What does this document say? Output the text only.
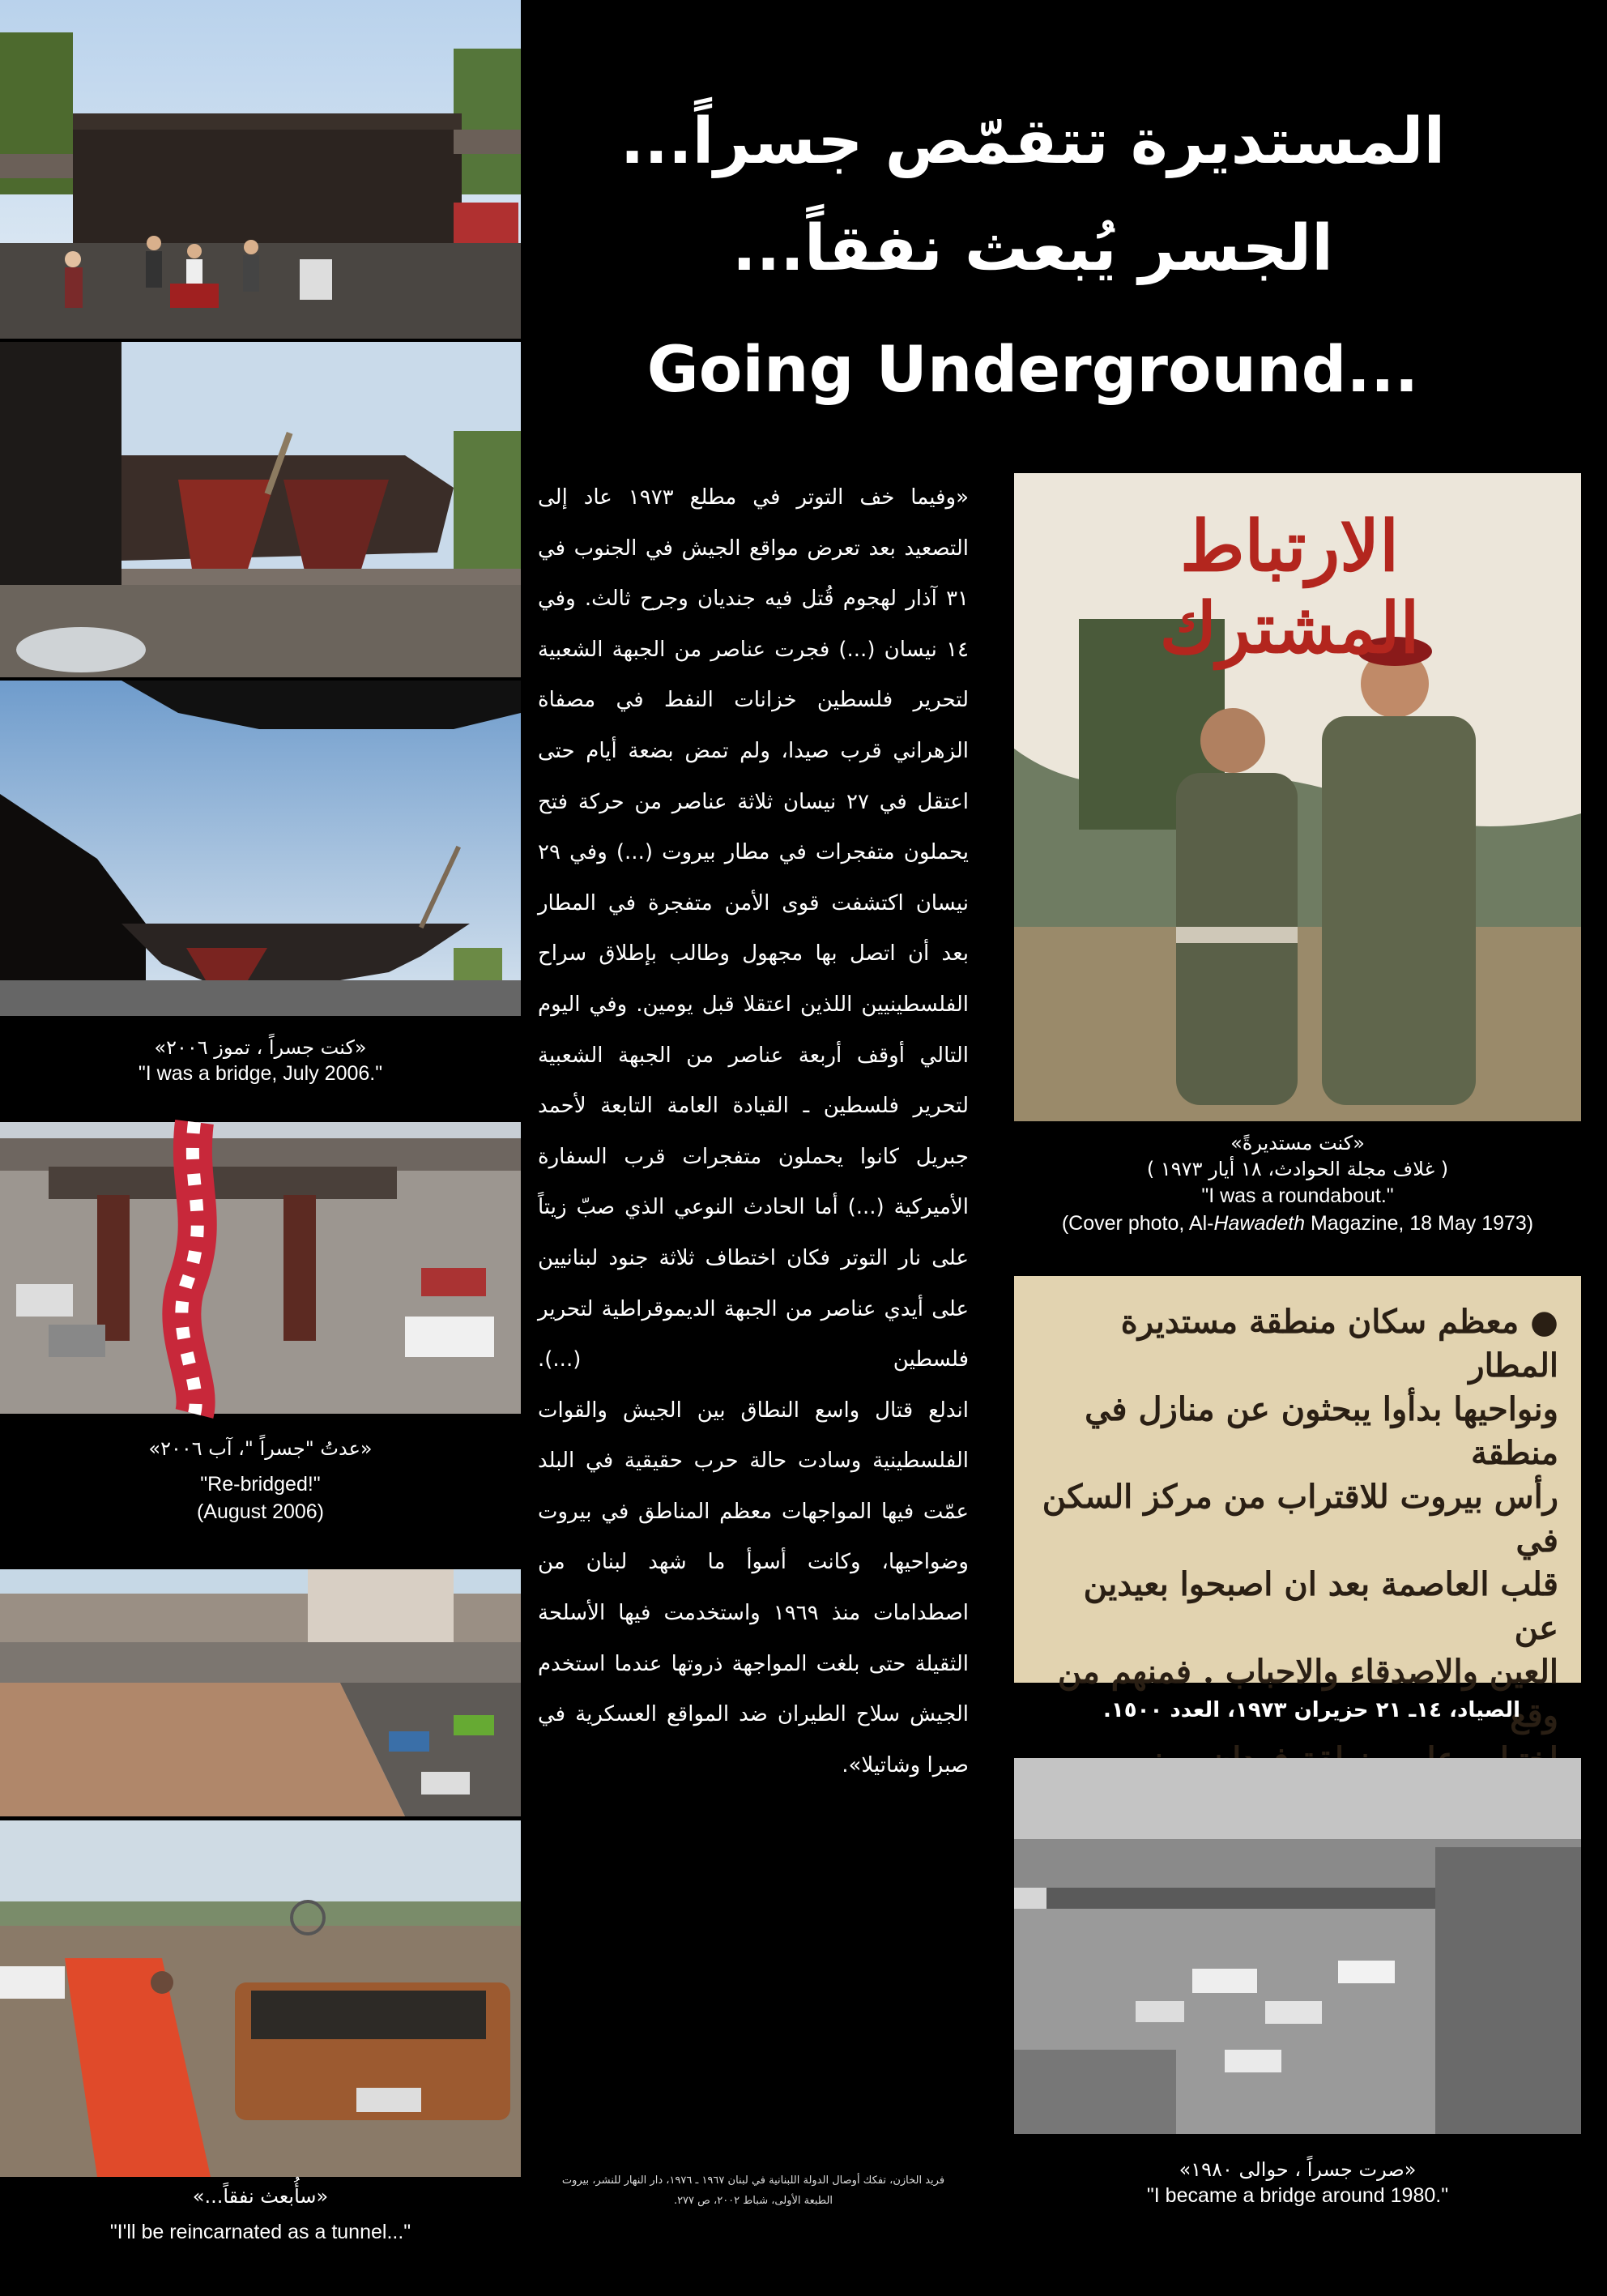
المستديرة تتقمّص جسراً...
الجسر يُبعث نفقاً...
Going Underground...
«كنت جسراً ، تموز ٢٠٠٦»
"I was a bridge, July 2006."
«عدتُ "جسراً "، آب ٢٠٠٦»
"Re-bridged!"
(August 2006)
«سأُبعث نفقاً...»
"I'll be reincarnated as a tunnel..."

«وفيما خف التوتر في مطلع ١٩٧٣ عاد إلى التصعيد بعد تعرض مواقع الجيش في الجنوب في ٣١ آذار لهجوم قُتل فيه جنديان وجرح ثالث. وفي ١٤ نيسان (...) فجرت عناصر من الجبهة الشعبية لتحرير فلسطين خزانات النفط في مصفاة الزهراني قرب صيدا، ولم تمض بضعة أيام حتى اعتقل في ٢٧ نيسان ثلاثة عناصر من حركة فتح يحملون متفجرات في مطار بيروت (...) وفي ٢٩ نيسان اكتشفت قوى الأمن متفجرة في المطار بعد أن اتصل بها مجهول وطالب بإطلاق سراح الفلسطينيين اللذين اعتقلا قبل يومين. وفي اليوم التالي أوقف أربعة عناصر من الجبهة الشعبية لتحرير فلسطين ـ القيادة العامة التابعة لأحمد جبريل كانوا يحملون متفجرات قرب السفارة الأميركية (...) أما الحادث النوعي الذي صبّ زيتاً على نار التوتر فكان اختطاف ثلاثة جنود لبنانيين على أيدي عناصر من الجبهة الديموقراطية لتحرير فلسطين (...).

اندلع قتال واسع النطاق بين الجيش والقوات الفلسطينية وسادت حالة حرب حقيقية في البلد عمّت فيها المواجهات معظم المناطق في بيروت وضواحيها، وكانت أسوأ ما شهد لبنان من اصطدامات منذ ١٩٦٩ واستخدمت فيها الأسلحة الثقيلة حتى بلغت المواجهة ذروتها عندما استخدم الجيش سلاح الطيران ضد المواقع العسكرية في صبرا وشاتيلا».

فريد الخازن، تفكك أوصال الدولة اللبنانية في لبنان ١٩٦٧ ـ ١٩٧٦، دار النهار للنشر، بيروت
الطبعة الأولى، شباط ٢٠٠٢، ص ٢٧٧.
الارتباط المشترك
«كنت مستديرةً»
( غلاف مجلة الحوادث، ١٨ أيار ١٩٧٣ )
"I was a roundabout."
(Cover photo, Al-Hawadeth Magazine, 18 May 1973)
● معظم سكان منطقة مستديرة المطار
ونواحيها بدأوا يبحثون عن منازل في منطقة
رأس بيروت للاقتراب من مركز السكن في
قلب العاصمة بعد ان اصبحوا بعيدين عن
العين والاصدقاء والاحباب . فمنهم من وقع
الصياد، ١٤ـ ٢١ حزيران ١٩٧٣، العدد ١٥٠٠.
«صرت جسراً ، حوالى ١٩٨٠»
"I became a bridge around 1980."
